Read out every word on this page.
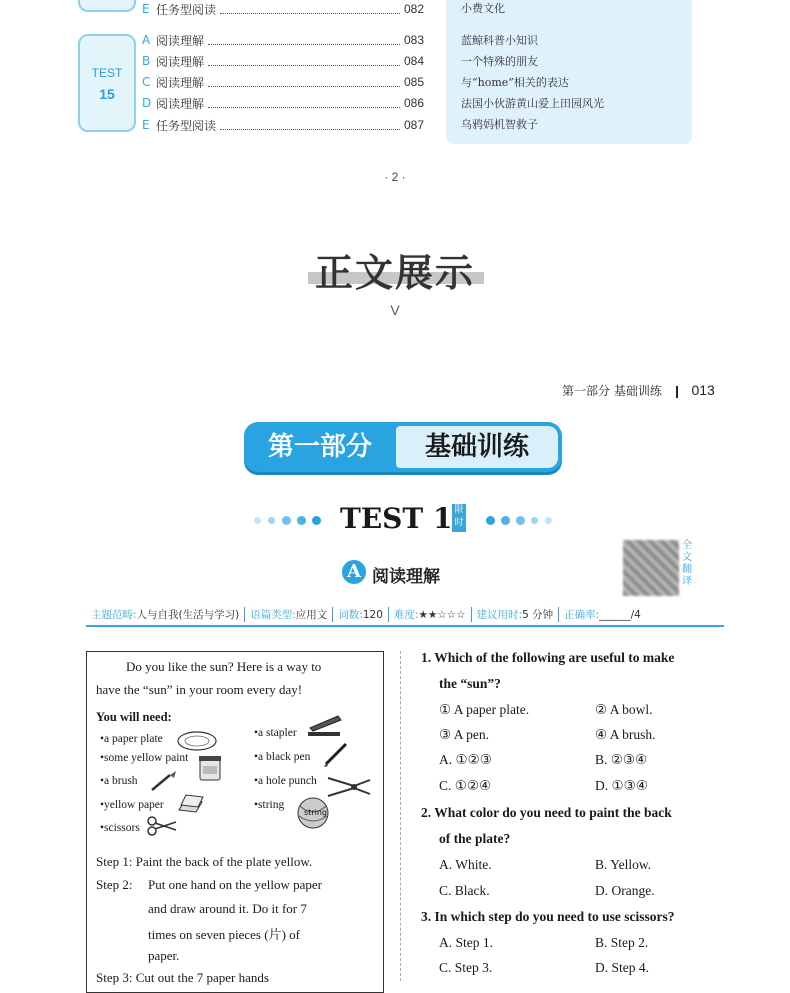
E 任务型阅读	082
TEST
15
A 阅读理解	083
B 阅读理解	084
C 阅读理解	085
D 阅读理解	086
E 任务型阅读	087
小费文化
蓝鲸科普小知识
一个特殊的朋友
与“home”相关的表达
法国小伙游黄山爱上田园风光
乌鸦妈机智救子
· 2 ·
正文展示
V
第一部分 基础训练 013
第一部分	基础训练
TEST 1 限时
A 阅读理解
全文翻译
主题范畴:人与自我(生活与学习)	语篇类型:应用文	词数:120	难度:★★☆☆☆	建议用时:5 分钟	正确率:______/4
Do you like the sun? Here is a way to
have the “sun” in your room every day!
You will need:
•a paper plate
•some yellow paint
•a brush
•yellow paper
•scissors
•a stapler
•a black pen
•a hole punch
•string
string
Step 1: Paint the back of the plate yellow.
Step 2: Put one hand on the yellow paper
and draw around it. Do it for 7
times on seven pieces (片) of
paper.
Step 3: Cut out the 7 paper hands
1. Which of the following are useful to make
the “sun”?
① A paper plate.	② A bowl.
③ A pen.	④ A brush.
A. ①②③	B. ②③④
C. ①②④	D. ①③④
2. What color do you need to paint the back
of the plate?
A. White.	B. Yellow.
C. Black.	D. Orange.
3. In which step do you need to use scissors?
A. Step 1.	B. Step 2.
C. Step 3.	D. Step 4.
